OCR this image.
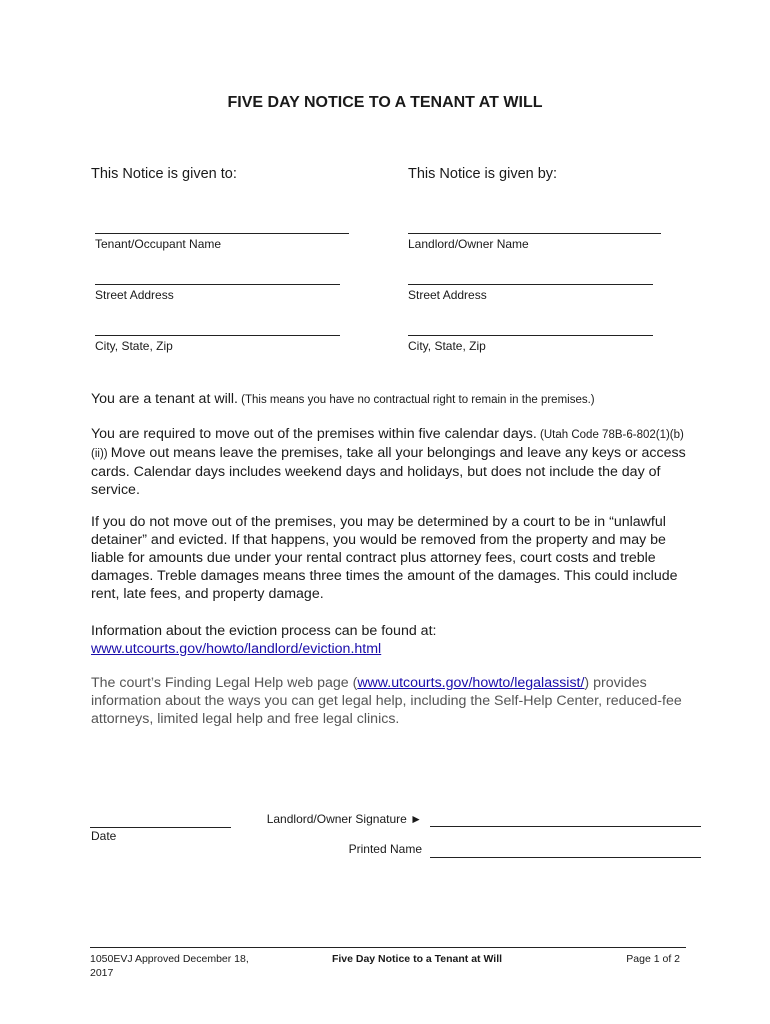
FIVE DAY NOTICE TO A TENANT AT WILL
This Notice is given to:	This Notice is given by:
Tenant/Occupant Name
Street Address
City, State, Zip
Landlord/Owner Name
Street Address
City, State, Zip
You are a tenant at will. (This means you have no contractual right to remain in the premises.)
You are required to move out of the premises within five calendar days. (Utah Code 78B-6-802(1)(b)(ii)) Move out means leave the premises, take all your belongings and leave any keys or access cards. Calendar days includes weekend days and holidays, but does not include the day of service.
If you do not move out of the premises, you may be determined by a court to be in “unlawful detainer” and evicted. If that happens, you would be removed from the property and may be liable for amounts due under your rental contract plus attorney fees, court costs and treble damages. Treble damages means three times the amount of the damages. This could include rent, late fees, and property damage.
Information about the eviction process can be found at:
www.utcourts.gov/howto/landlord/eviction.html
The court’s Finding Legal Help web page (www.utcourts.gov/howto/legalassist/) provides information about the ways you can get legal help, including the Self-Help Center, reduced-fee attorneys, limited legal help and free legal clinics.
Date
Landlord/Owner Signature ►
Printed Name
1050EVJ Approved December 18,
2017
Five Day Notice to a Tenant at Will	Page 1 of 2
